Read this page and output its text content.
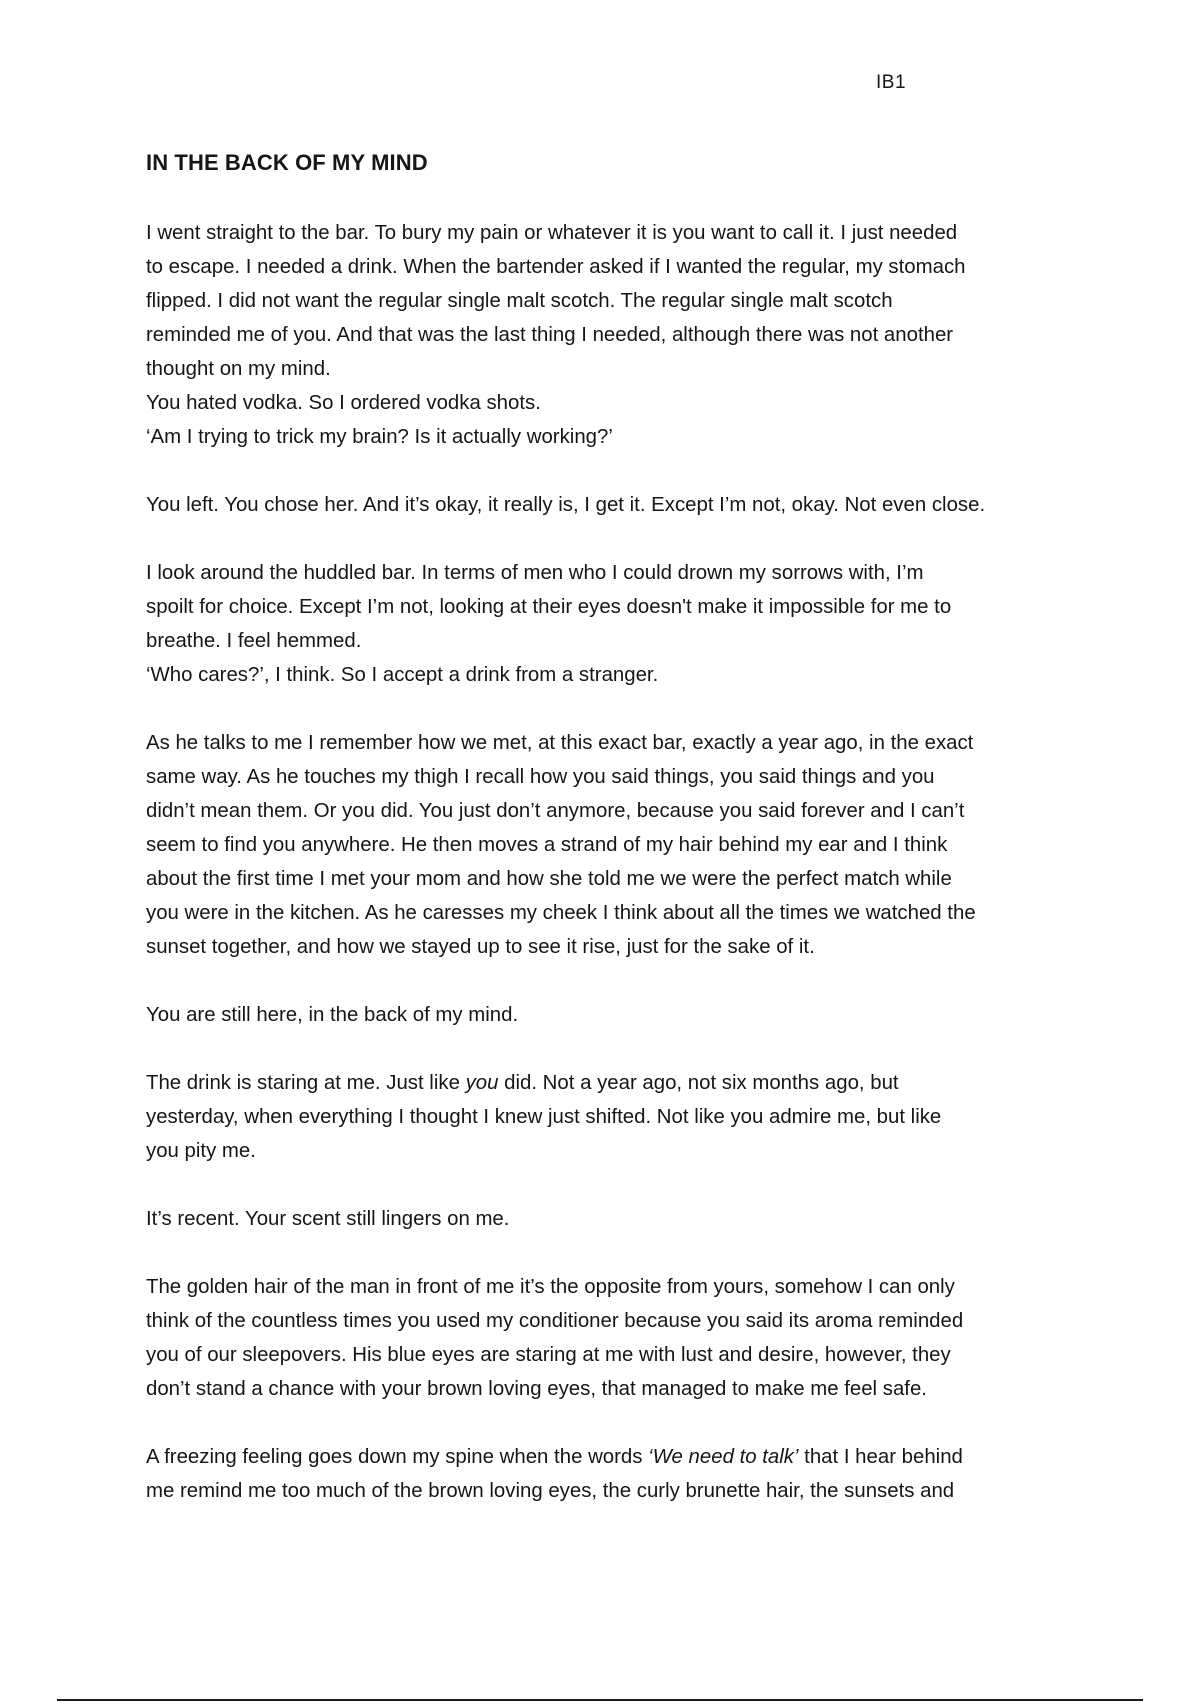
IB1
IN THE BACK OF MY MIND
I went straight to the bar. To bury my pain or whatever it is you want to call it. I just needed
to escape. I needed a drink. When the bartender asked if I wanted the regular, my stomach
flipped. I did not want the regular single malt scotch. The regular single malt scotch
reminded me of you. And that was the last thing I needed, although there was not another
thought on my mind.
You hated vodka. So I ordered vodka shots.
‘Am I trying to trick my brain? Is it actually working?’
You left. You chose her. And it’s okay, it really is, I get it. Except I’m not, okay. Not even close.
I look around the huddled bar. In terms of men who I could drown my sorrows with, I’m
spoilt for choice. Except I’m not, looking at their eyes doesn't make it impossible for me to
breathe. I feel hemmed.
‘Who cares?’, I think. So I accept a drink from a stranger.
As he talks to me I remember how we met, at this exact bar, exactly a year ago, in the exact
same way. As he touches my thigh I recall how you said things, you said things and you
didn’t mean them. Or you did. You just don’t anymore, because you said forever and I can’t
seem to find you anywhere. He then moves a strand of my hair behind my ear and I think
about the first time I met your mom and how she told me we were the perfect match while
you were in the kitchen. As he caresses my cheek I think about all the times we watched the
sunset together, and how we stayed up to see it rise, just for the sake of it.
You are still here, in the back of my mind.
The drink is staring at me. Just like you did. Not a year ago, not six months ago, but
yesterday, when everything I thought I knew just shifted. Not like you admire me, but like
you pity me.
It’s recent. Your scent still lingers on me.
The golden hair of the man in front of me it’s the opposite from yours, somehow I can only
think of the countless times you used my conditioner because you said its aroma reminded
you of our sleepovers. His blue eyes are staring at me with lust and desire, however, they
don’t stand a chance with your brown loving eyes, that managed to make me feel safe.
A freezing feeling goes down my spine when the words ‘We need to talk’ that I hear behind
me remind me too much of the brown loving eyes, the curly brunette hair, the sunsets and
